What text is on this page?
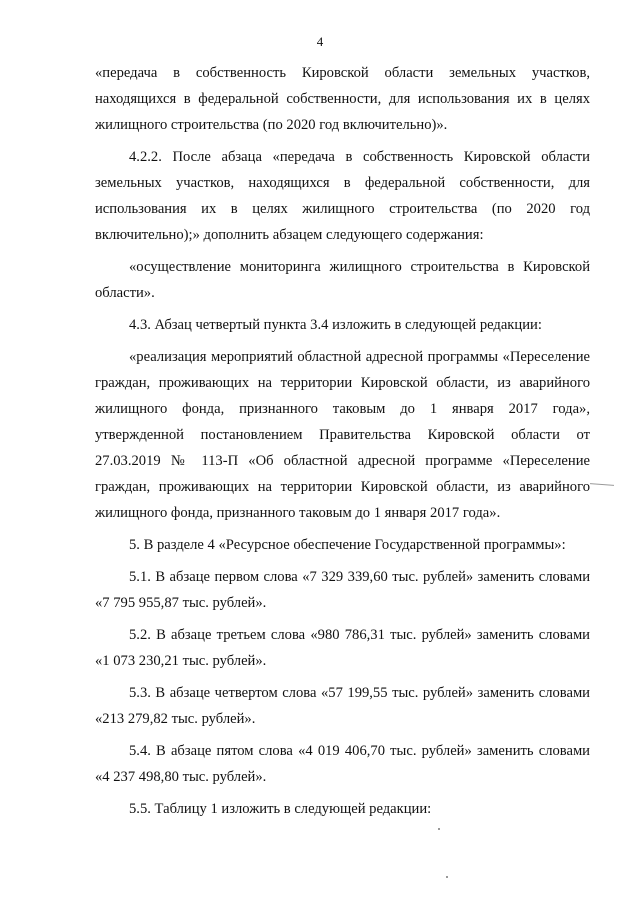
4

«передача в собственность Кировской области земельных участков, находящихся в федеральной собственности, для использования их в целях жилищного строительства (по 2020 год включительно)».

4.2.2. После абзаца «передача в собственность Кировской области земельных участков, находящихся в федеральной собственности, для использования их в целях жилищного строительства (по 2020 год включительно);» дополнить абзацем следующего содержания:

«осуществление мониторинга жилищного строительства в Кировской области».

4.3. Абзац четвертый пункта 3.4 изложить в следующей редакции:

«реализация мероприятий областной адресной программы «Переселение граждан, проживающих на территории Кировской области, из аварийного жилищного фонда, признанного таковым до 1 января 2017 года», утвержденной постановлением Правительства Кировской области от 27.03.2019 № 113-П «Об областной адресной программе «Переселение граждан, проживающих на территории Кировской области, из аварийного жилищного фонда, признанного таковым до 1 января 2017 года».

5. В разделе 4 «Ресурсное обеспечение Государственной программы»:

5.1. В абзаце первом слова «7 329 339,60 тыс. рублей» заменить словами «7 795 955,87 тыс. рублей».

5.2. В абзаце третьем слова «980 786,31 тыс. рублей» заменить словами «1 073 230,21 тыс. рублей».

5.3. В абзаце четвертом слова «57 199,55 тыс. рублей» заменить словами «213 279,82 тыс. рублей».

5.4. В абзаце пятом слова «4 019 406,70 тыс. рублей» заменить словами «4 237 498,80 тыс. рублей».

5.5. Таблицу 1 изложить в следующей редакции:
